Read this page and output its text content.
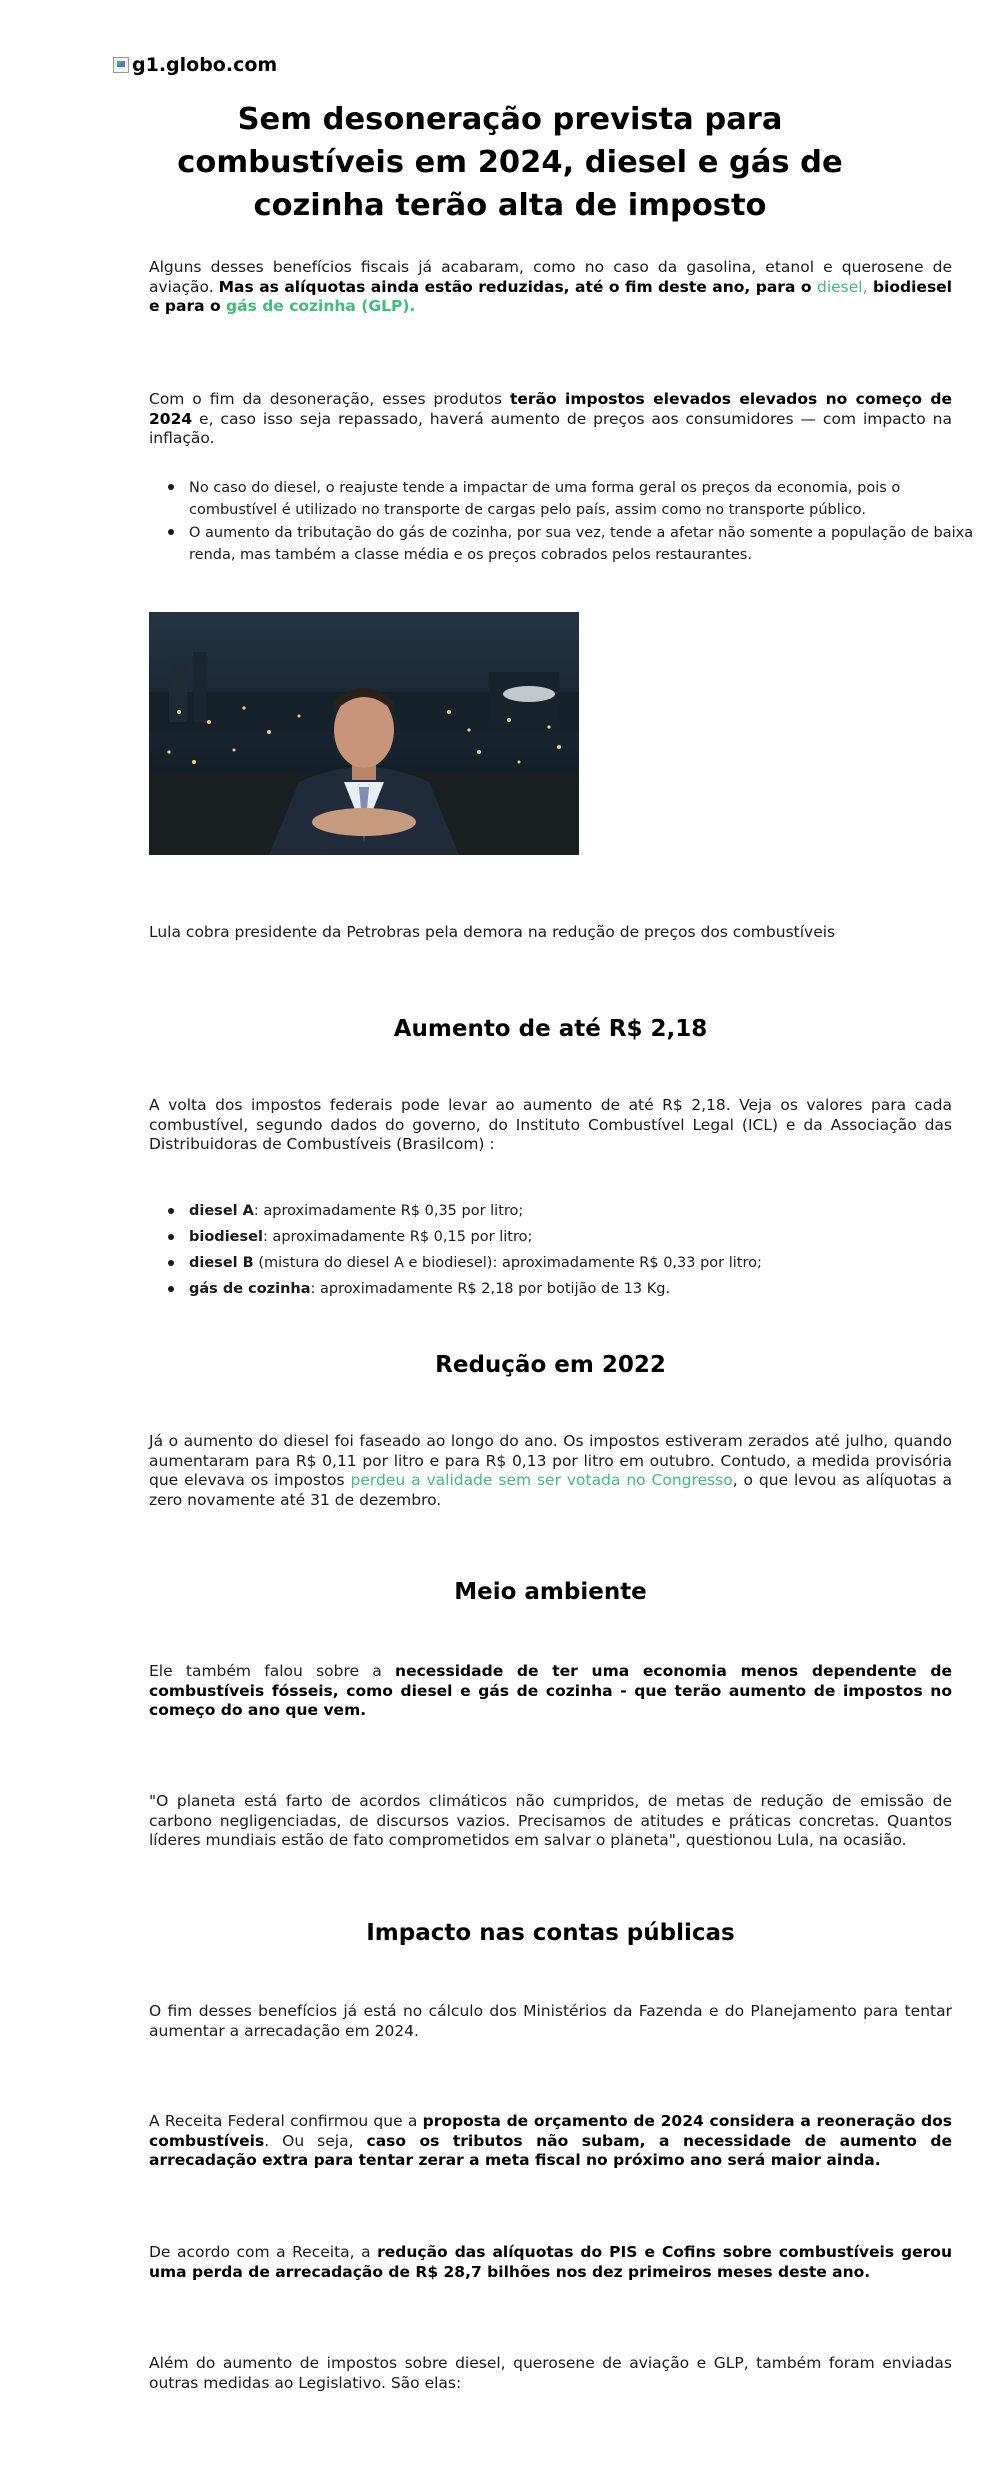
g1.globo.com
Sem desoneração prevista para combustíveis em 2024, diesel e gás de cozinha terão alta de imposto

Alguns desses benefícios fiscais já acabaram, como no caso da gasolina, etanol e querosene de aviação. Mas as alíquotas ainda estão reduzidas, até o fim deste ano, para o diesel, biodiesel e para o gás de cozinha (GLP).

Com o fim da desoneração, esses produtos terão impostos elevados elevados no começo de 2024 e, caso isso seja repassado, haverá aumento de preços aos consumidores — com impacto na inflação.

No caso do diesel, o reajuste tende a impactar de uma forma geral os preços da economia, pois o combustível é utilizado no transporte de cargas pelo país, assim como no transporte público.
O aumento da tributação do gás de cozinha, por sua vez, tende a afetar não somente a população de baixa renda, mas também a classe média e os preços cobrados pelos restaurantes.

Lula cobra presidente da Petrobras pela demora na redução de preços dos combustíveis

Aumento de até R$ 2,18

A volta dos impostos federais pode levar ao aumento de até R$ 2,18. Veja os valores para cada combustível, segundo dados do governo, do Instituto Combustível Legal (ICL) e da Associação das Distribuidoras de Combustíveis (Brasilcom) :

diesel A: aproximadamente R$ 0,35 por litro;
biodiesel: aproximadamente R$ 0,15 por litro;
diesel B (mistura do diesel A e biodiesel): aproximadamente R$ 0,33 por litro;
gás de cozinha: aproximadamente R$ 2,18 por botijão de 13 Kg.
Redução em 2022

Já o aumento do diesel foi faseado ao longo do ano. Os impostos estiveram zerados até julho, quando aumentaram para R$ 0,11 por litro e para R$ 0,13 por litro em outubro. Contudo, a medida provisória que elevava os impostos perdeu a validade sem ser votada no Congresso, o que levou as alíquotas a zero novamente até 31 de dezembro.

Meio ambiente

Ele também falou sobre a necessidade de ter uma economia menos dependente de combustíveis fósseis, como diesel e gás de cozinha - que terão aumento de impostos no começo do ano que vem.

"O planeta está farto de acordos climáticos não cumpridos, de metas de redução de emissão de carbono negligenciadas, de discursos vazios. Precisamos de atitudes e práticas concretas. Quantos líderes mundiais estão de fato comprometidos em salvar o planeta", questionou Lula, na ocasião.

Impacto nas contas públicas

O fim desses benefícios já está no cálculo dos Ministérios da Fazenda e do Planejamento para tentar aumentar a arrecadação em 2024.

A Receita Federal confirmou que a proposta de orçamento de 2024 considera a reoneração dos combustíveis. Ou seja, caso os tributos não subam, a necessidade de aumento de arrecadação extra para tentar zerar a meta fiscal no próximo ano será maior ainda.

De acordo com a Receita, a redução das alíquotas do PIS e Cofins sobre combustíveis gerou uma perda de arrecadação de R$ 28,7 bilhões nos dez primeiros meses deste ano.

Além do aumento de impostos sobre diesel, querosene de aviação e GLP, também foram enviadas outras medidas ao Legislativo. São elas:
